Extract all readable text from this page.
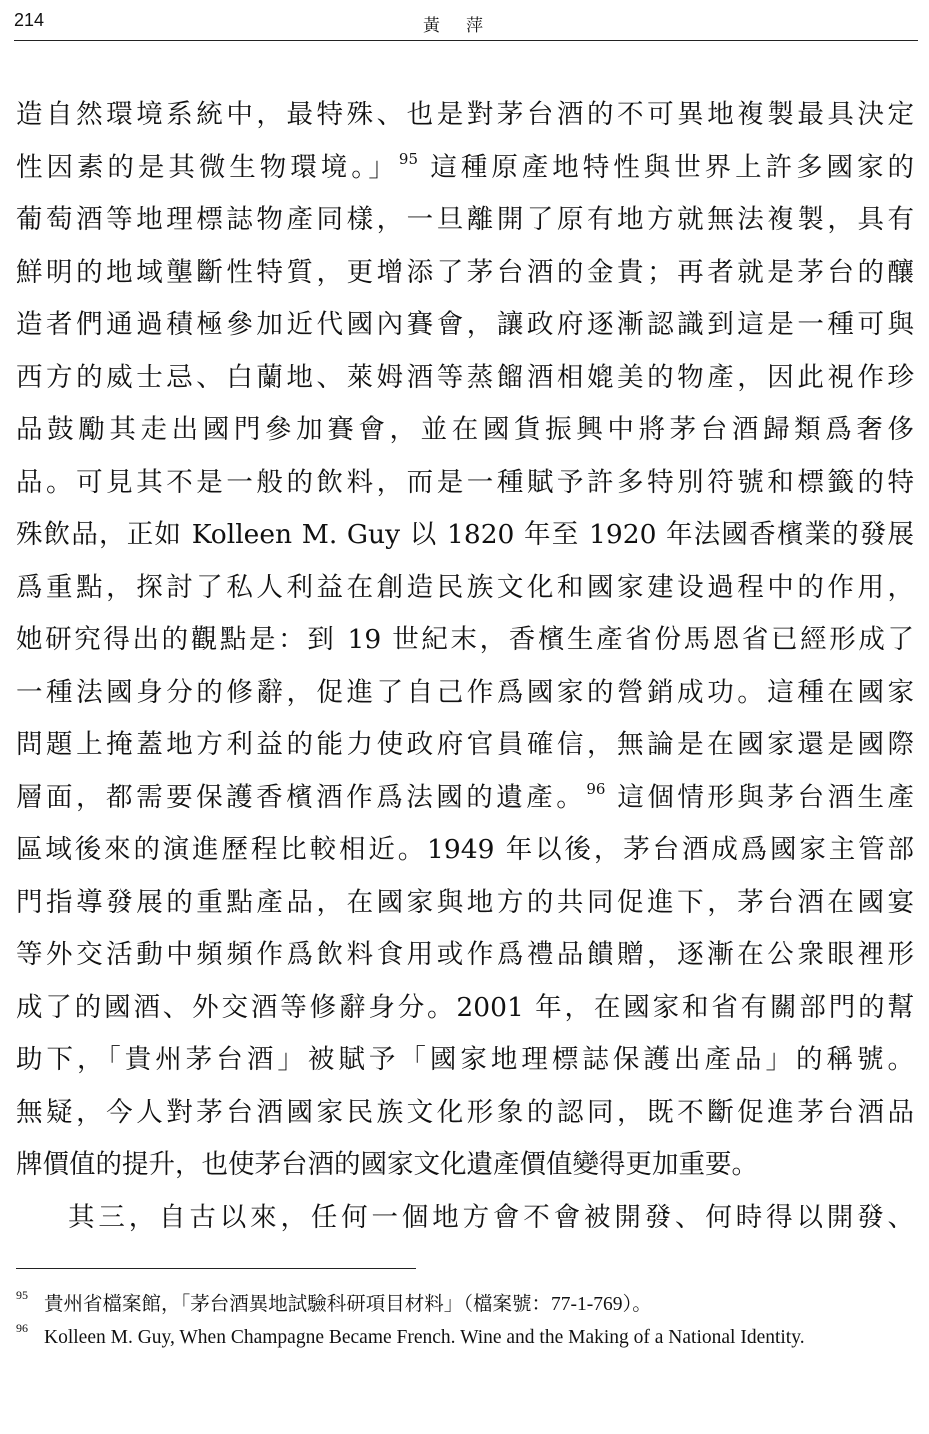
214	黃萍
造自然環境系統中，最特殊、也是對茅台酒的不可異地複製最具決定
性因素的是其微生物環境。」$^{95}$ 這種原產地特性與世界上許多國家的
葡萄酒等地理標誌物產同樣，一旦離開了原有地方就無法複製，具有
鮮明的地域壟斷性特質，更增添了茅台酒的金貴；再者就是茅台的釀
造者們通過積極參加近代國內賽會，讓政府逐漸認識到這是一種可與
西方的威士忌、白蘭地、萊姆酒等蒸餾酒相媲美的物產，因此視作珍
品鼓勵其走出國門參加賽會，並在國貨振興中將茅台酒歸類爲奢侈
品。可見其不是一般的飲料，而是一種賦予許多特別符號和標籤的特
殊飲品，正如 Kolleen M. Guy 以 1820 年至 1920 年法國香檳業的發展
爲重點，探討了私人利益在創造民族文化和國家建设過程中的作用，
她研究得出的觀點是：到 19 世紀末，香檳生產省份馬恩省已經形成了
一種法國身分的修辭，促進了自己作爲國家的營銷成功。這種在國家
問題上掩蓋地方利益的能力使政府官員確信，無論是在國家還是國際
層面，都需要保護香檳酒作爲法國的遺產。$^{96}$ 這個情形與茅台酒生產
區域後來的演進歷程比較相近。1949 年以後，茅台酒成爲國家主管部
門指導發展的重點產品，在國家與地方的共同促進下，茅台酒在國宴
等外交活動中頻頻作爲飲料食用或作爲禮品饋贈，逐漸在公衆眼裡形
成了的國酒、外交酒等修辭身分。2001 年，在國家和省有關部門的幫
助下，「貴州茅台酒」被賦予「國家地理標誌保護出產品」的稱號。
無疑，今人對茅台酒國家民族文化形象的認同，既不斷促進茅台酒品
牌價值的提升，也使茅台酒的國家文化遺產價值變得更加重要。
其三，自古以來，任何一個地方會不會被開發、何時得以開發、
95 貴州省檔案館，「茅台酒異地試驗科研項目材料」（檔案號：77-1-769）。
96 Kolleen M. Guy, When Champagne Became French. Wine and the Making of a National Identity.
